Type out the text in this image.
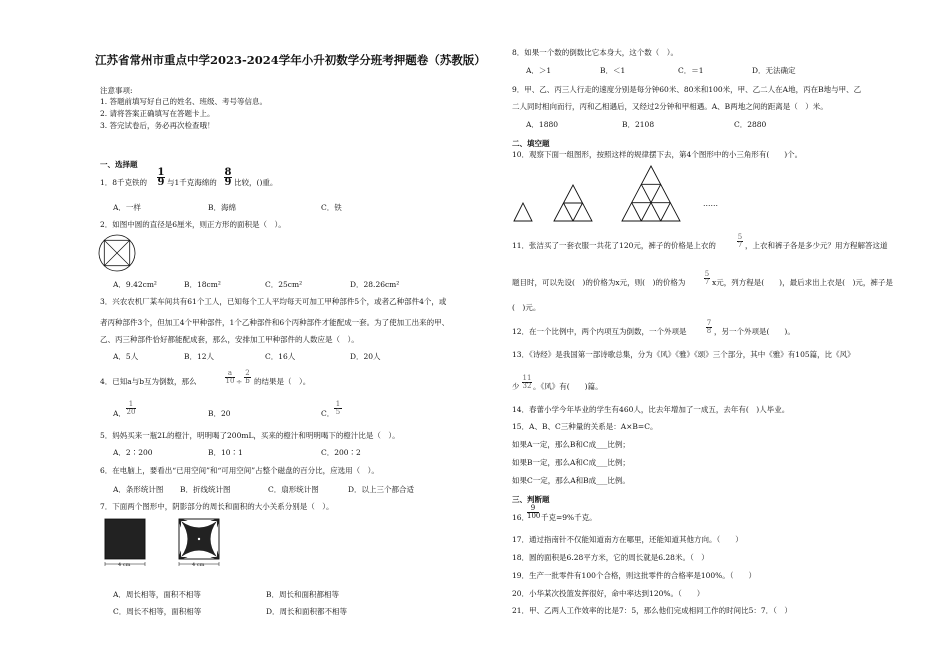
江苏省常州市重点中学2023-2024学年小升初数学分班考押题卷（苏教版）
注意事项:
1. 答题前填写好自己的姓名、班级、考号等信息。
2. 请将答案正确填写在答题卡上。
3. 答完试卷后，务必再次检查哦！
一、选择题
1．8千克铁的 $\frac{1}{9}$ 与1千克海绵的 $\frac{8}{9}$ 比较，()重。
A．一样	B．海绵	C．铁
2．如图中圆的直径是6厘米，则正方形的面积是（　）。
A．9.42cm²	B．18cm²	C．25cm²	D．28.26cm²
3．兴农农机厂某车间共有61个工人，已知每个工人平均每天可加工甲种部件5个，或者乙种部件4个，或
者丙种部件3个，但加工4个甲种部件，1个乙种部件和6个丙种部件才能配成一套。为了使加工出来的甲、
乙、丙三种部件恰好都能配成套，那么，安排加工甲种部件的人数应是（　）。
A．5人	B．12人	C．16人	D．20人
4．已知a与b互为倒数，那么	$\frac{a}{10} \div \frac{2}{b}$ 的结果是（　）。
A． $\frac{1}{20}$	B．20	C． $\frac{1}{5}$
5．妈妈买来一瓶2L的橙汁，明明喝了200mL，买来的橙汁和明明喝下的橙汁比是（　）。
A．2∶200	B．10∶1	C．200∶2
6．在电脑上，要看出“已用空间”和“可用空间”占整个磁盘的百分比，应选用（　）。
A．条形统计图 B．折线统计图	C．扇形统计图	D．以上三个都合适
7．下面两个图形中，阴影部分的周长和面积的大小关系分别是（　）。
4 cm	4 cm
A．周长相等，面积不相等	B．周长和面积都相等
C．周长不相等，面积相等	D．周长和面积都不相等
8．如果一个数的倒数比它本身大，这个数（　）。
A．＞1	B．＜1	C．＝1	D．无法确定
9．甲、乙、丙三人行走的速度分别是每分钟60米、80米和100米，甲、乙二人在A地，丙在B地与甲、乙
二人同时相向而行，丙和乙相遇后，又经过2分钟和甲相遇。A、B两地之间的距离是（　）米。
A．1880	B．2108	C．2880
二、填空题
10．观察下面一组图形，按照这样的规律摆下去，第4个图形中的小三角形有(　　)个。
……
11．张洁买了一套衣服一共花了120元，裤子的价格是上衣的	$\frac{5}{7}$ ，上衣和裤子各是多少元？用方程解答这道
题目时，可以先设(　)的价格为x元，则(　)的价格为	$\frac{5}{7}$ x元，列方程是(　　)，最后求出上衣是(　)元，裤子是
(　)元。
12．在一个比例中，两个内项互为倒数，一个外项是	$\frac{7}{8}$ ，另一个外项是(　　)。
13．《诗经》是我国第一部诗歌总集，分为《风》《雅》《颂》三个部分，其中《雅》有105篇，比《风》
少 $\frac{11}{32}$ 。《风》有(　　)篇。
14．春蕾小学今年毕业的学生有460人，比去年增加了一成五，去年有(　)人毕业。
15．A、B、C三种量的关系是：A×B=C。
如果A一定，那么B和C成___比例；
如果B一定，那么A和C成___比例；
如果C一定，那么A和B成___比例。
三、判断题
16．
$\frac{9}{100}$ 千克=9%千克。
17．通过指南针不仅能知道南方在哪里，还能知道其他方向。（　　）
18．圆的面积是6.28平方米，它的周长就是6.28米。（　）
19．生产一批零件有100个合格，则这批零件的合格率是100%。（　　）
20．小华某次投篮发挥很好，命中率达到120%。（　　）
21．甲、乙两人工作效率的比是7：5，那么他们完成相同工作的时间比5：7．（　）
